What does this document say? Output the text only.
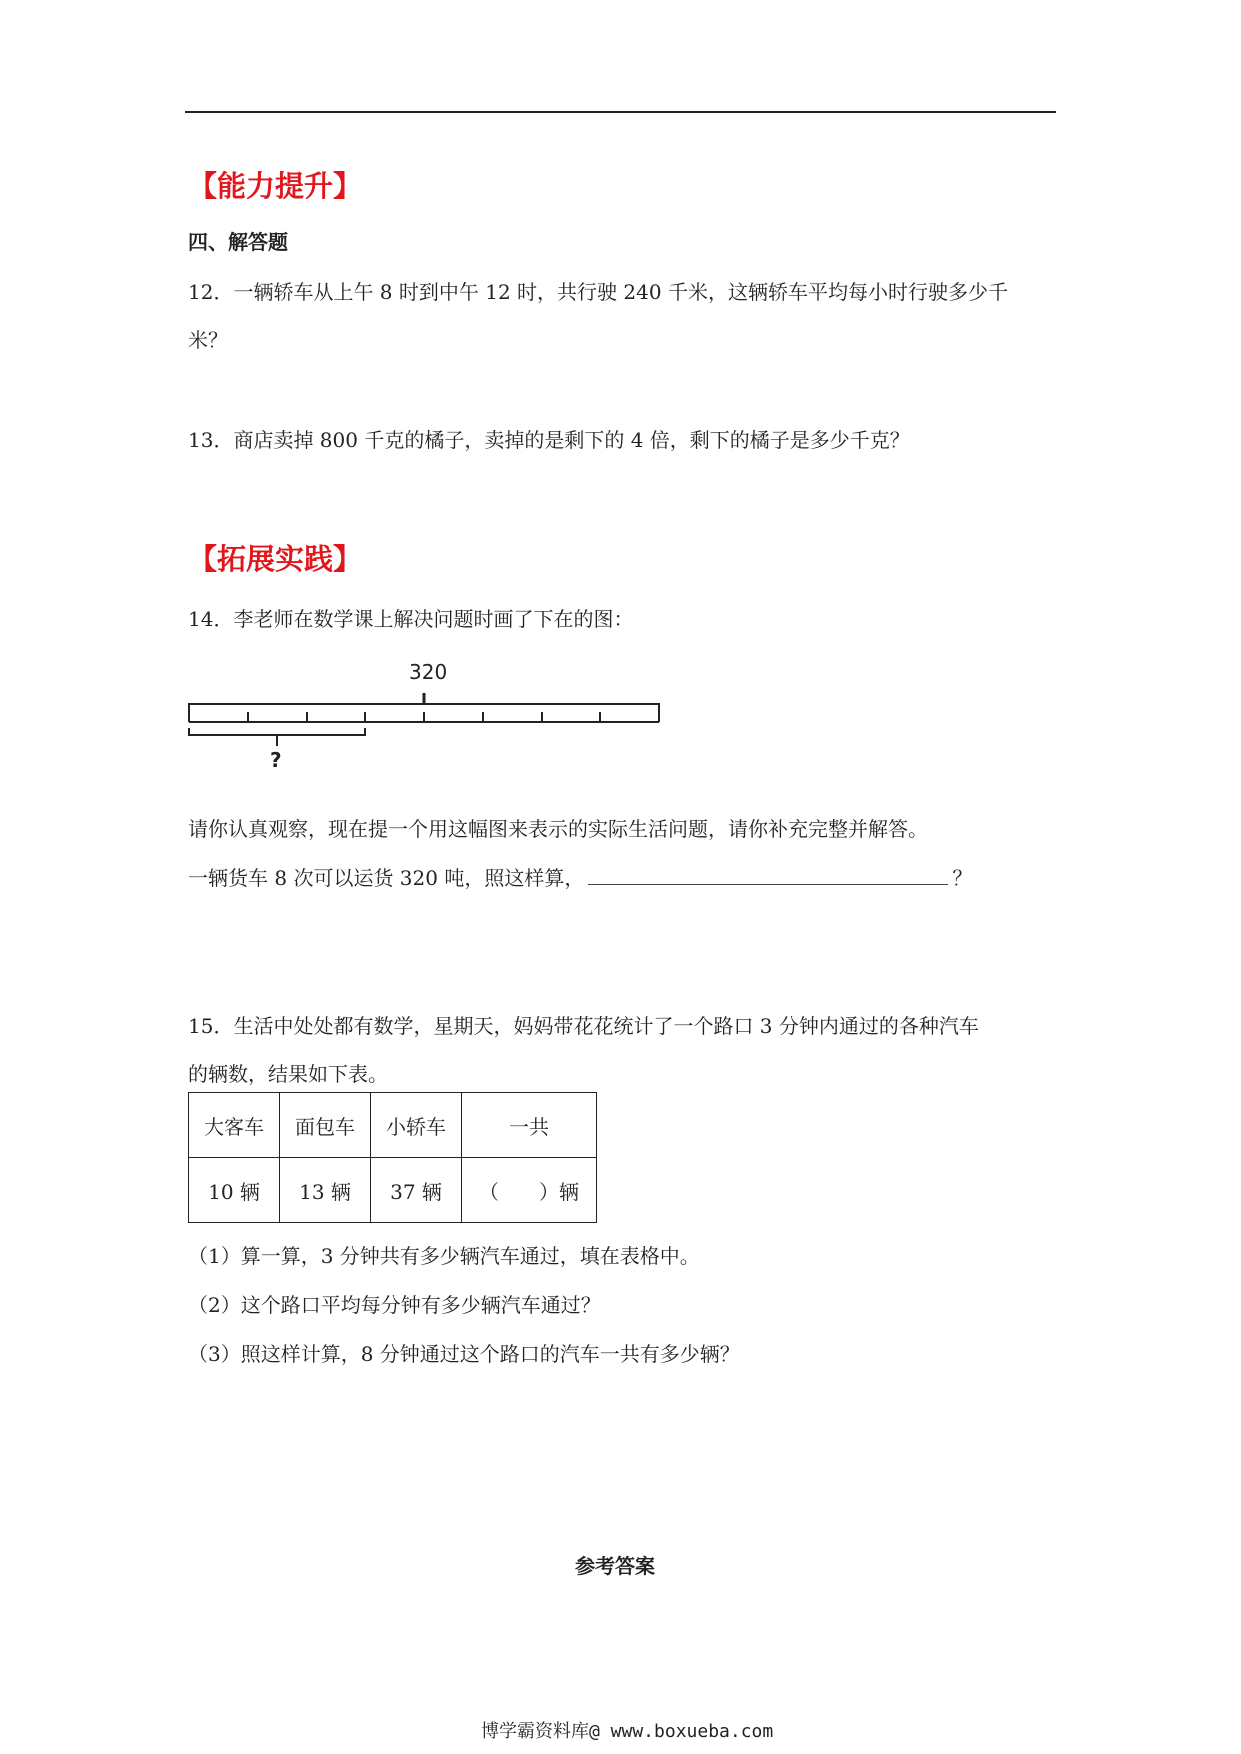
【能力提升】
四、解答题
12．一辆轿车从上午 8 时到中午 12 时，共行驶 240 千米，这辆轿车平均每小时行驶多少千
米？
13．商店卖掉 800 千克的橘子，卖掉的是剩下的 4 倍，剩下的橘子是多少千克？
【拓展实践】
14．李老师在数学课上解决问题时画了下在的图：
320
?
请你认真观察，现在提一个用这幅图来表示的实际生活问题，请你补充完整并解答。
一辆货车 8 次可以运货 320 吨，照这样算，	？
15．生活中处处都有数学，星期天，妈妈带花花统计了一个路口 3 分钟内通过的各种汽车
的辆数，结果如下表。
大客车	面包车	小轿车	一共
10 辆	13 辆	37 辆	（　　）辆
（1）算一算，3 分钟共有多少辆汽车通过，填在表格中。
（2）这个路口平均每分钟有多少辆汽车通过？
（3）照这样计算，8 分钟通过这个路口的汽车一共有多少辆？
参考答案
博学霸资料库@ www.boxueba.com
